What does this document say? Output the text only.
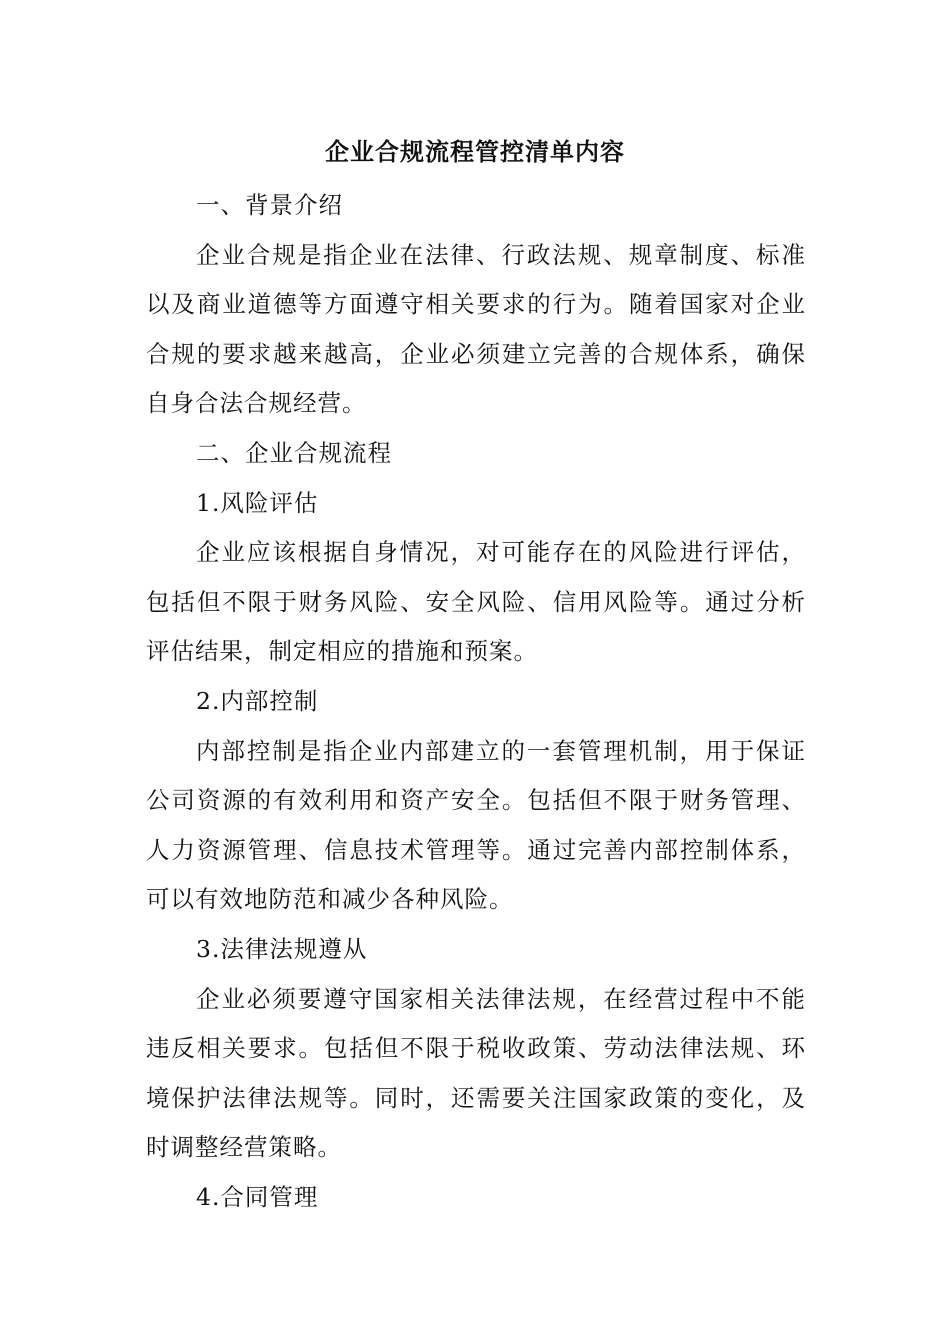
企业合规流程管控清单内容

一、背景介绍

企业合规是指企业在法律、行政法规、规章制度、标准以及商业道德等方面遵守相关要求的行为。随着国家对企业合规的要求越来越高，企业必须建立完善的合规体系，确保自身合法合规经营。

二、企业合规流程

1.风险评估

企业应该根据自身情况，对可能存在的风险进行评估，包括但不限于财务风险、安全风险、信用风险等。通过分析评估结果，制定相应的措施和预案。

2.内部控制

内部控制是指企业内部建立的一套管理机制，用于保证公司资源的有效利用和资产安全。包括但不限于财务管理、人力资源管理、信息技术管理等。通过完善内部控制体系，可以有效地防范和减少各种风险。

3.法律法规遵从

企业必须要遵守国家相关法律法规，在经营过程中不能违反相关要求。包括但不限于税收政策、劳动法律法规、环境保护法律法规等。同时，还需要关注国家政策的变化，及时调整经营策略。

4.合同管理
